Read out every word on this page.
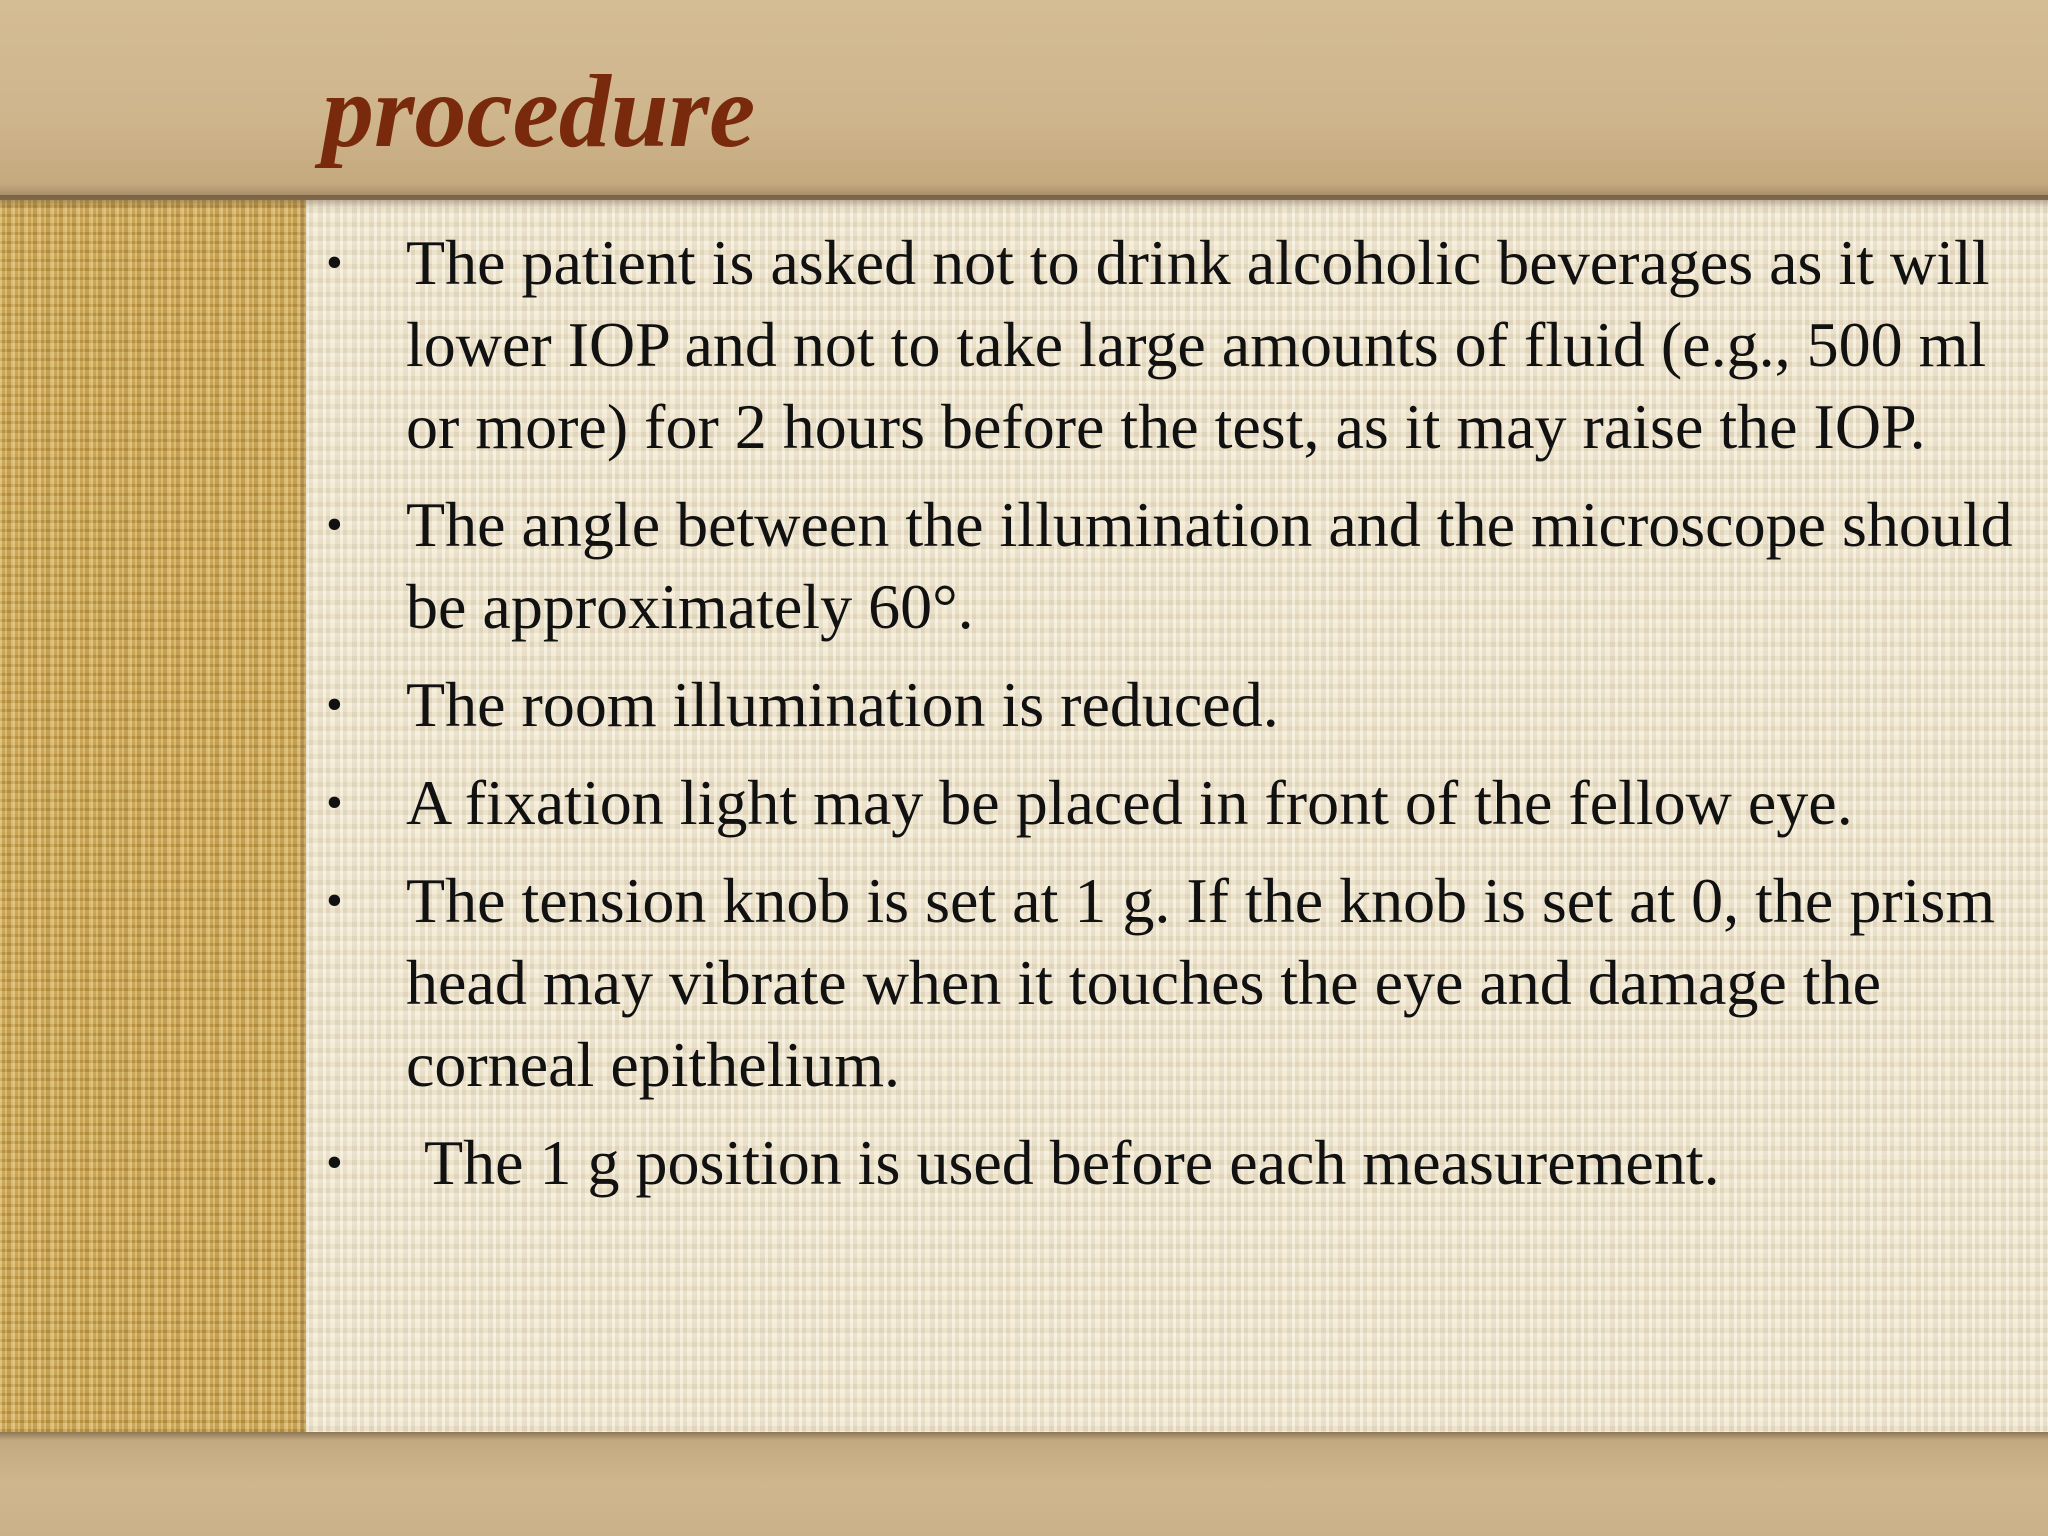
procedure
• The patient is asked not to drink alcoholic beverages as it will lower IOP and not to take large amounts of fluid (e.g., 500 ml or more) for 2 hours before the test, as it may raise the IOP.
• The angle between the illumination and the microscope should be approximately 60°.
• The room illumination is reduced.
• A fixation light may be placed in front of the fellow eye.
• The tension knob is set at 1 g. If the knob is set at 0, the prism head may vibrate when it touches the eye and damage the corneal epithelium.
• The 1 g position is used before each measurement.
